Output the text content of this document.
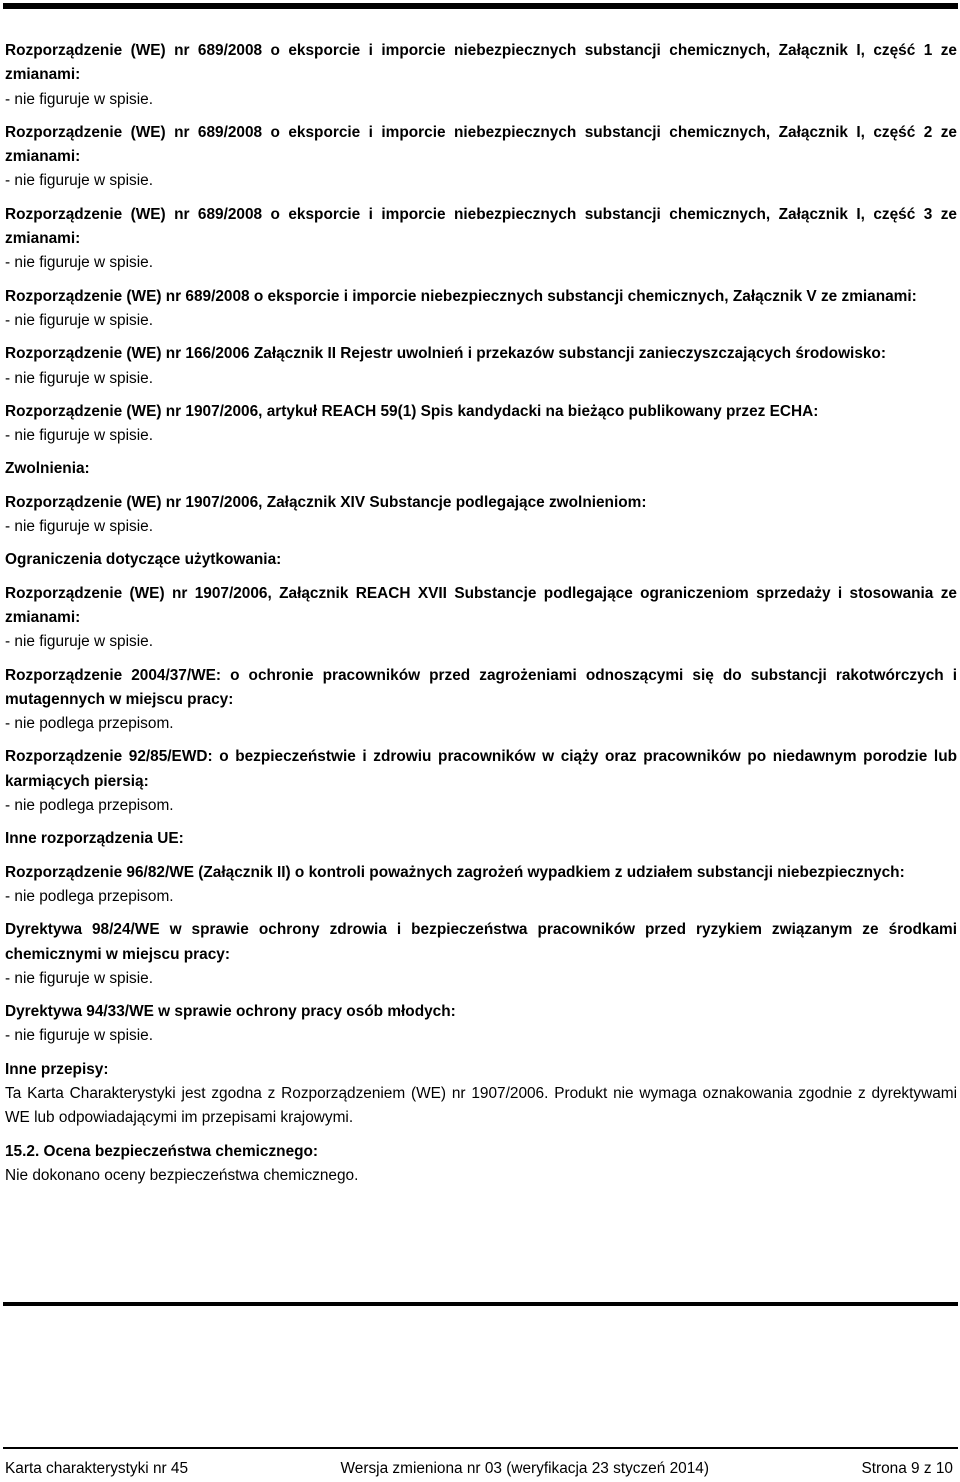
Rozporządzenie (WE) nr 689/2008 o eksporcie i imporcie niebezpiecznych substancji chemicznych, Załącznik I, część 1 ze zmianami:
- nie figuruje w spisie.
Rozporządzenie (WE) nr 689/2008 o eksporcie i imporcie niebezpiecznych substancji chemicznych, Załącznik I, część 2 ze zmianami:
- nie figuruje w spisie.
Rozporządzenie (WE) nr 689/2008 o eksporcie i imporcie niebezpiecznych substancji chemicznych, Załącznik I, część 3 ze zmianami:
- nie figuruje w spisie.
Rozporządzenie (WE) nr 689/2008 o eksporcie i imporcie niebezpiecznych substancji chemicznych, Załącznik V ze zmianami:
- nie figuruje w spisie.
Rozporządzenie (WE) nr 166/2006 Załącznik II Rejestr uwolnień i przekazów substancji zanieczyszczających środowisko:
- nie figuruje w spisie.
Rozporządzenie (WE) nr 1907/2006, artykuł REACH 59(1) Spis kandydacki na bieżąco publikowany przez ECHA:
- nie figuruje w spisie.
Zwolnienia:
Rozporządzenie (WE) nr 1907/2006, Załącznik XIV Substancje podlegające zwolnieniom:
- nie figuruje w spisie.
Ograniczenia dotyczące użytkowania:
Rozporządzenie (WE) nr 1907/2006, Załącznik REACH XVII Substancje podlegające ograniczeniom sprzedaży i stosowania ze zmianami:
- nie figuruje w spisie.
Rozporządzenie 2004/37/WE: o ochronie pracowników przed zagrożeniami odnoszącymi się do substancji rakotwórczych i mutagennych w miejscu pracy:
- nie podlega przepisom.
Rozporządzenie 92/85/EWD: o bezpieczeństwie i zdrowiu pracowników w ciąży oraz pracowników po niedawnym porodzie lub karmiących piersią:
- nie podlega przepisom.
Inne rozporządzenia UE:
Rozporządzenie 96/82/WE (Załącznik II) o kontroli poważnych zagrożeń wypadkiem z udziałem substancji niebezpiecznych:
- nie podlega przepisom.
Dyrektywa 98/24/WE w sprawie ochrony zdrowia i bezpieczeństwa pracowników przed ryzykiem związanym ze środkami chemicznymi w miejscu pracy:
- nie figuruje w spisie.
Dyrektywa 94/33/WE w sprawie ochrony pracy osób młodych:
- nie figuruje w spisie.
Inne przepisy:
Ta Karta Charakterystyki jest zgodna z Rozporządzeniem (WE) nr 1907/2006. Produkt nie wymaga oznakowania zgodnie z dyrektywami WE lub odpowiadającymi im przepisami krajowymi.
15.2. Ocena bezpieczeństwa chemicznego:
Nie dokonano oceny bezpieczeństwa chemicznego.
Karta charakterystyki nr 45	Wersja zmieniona nr 03 (weryfikacja 23 styczeń 2014)	Strona 9 z 10
